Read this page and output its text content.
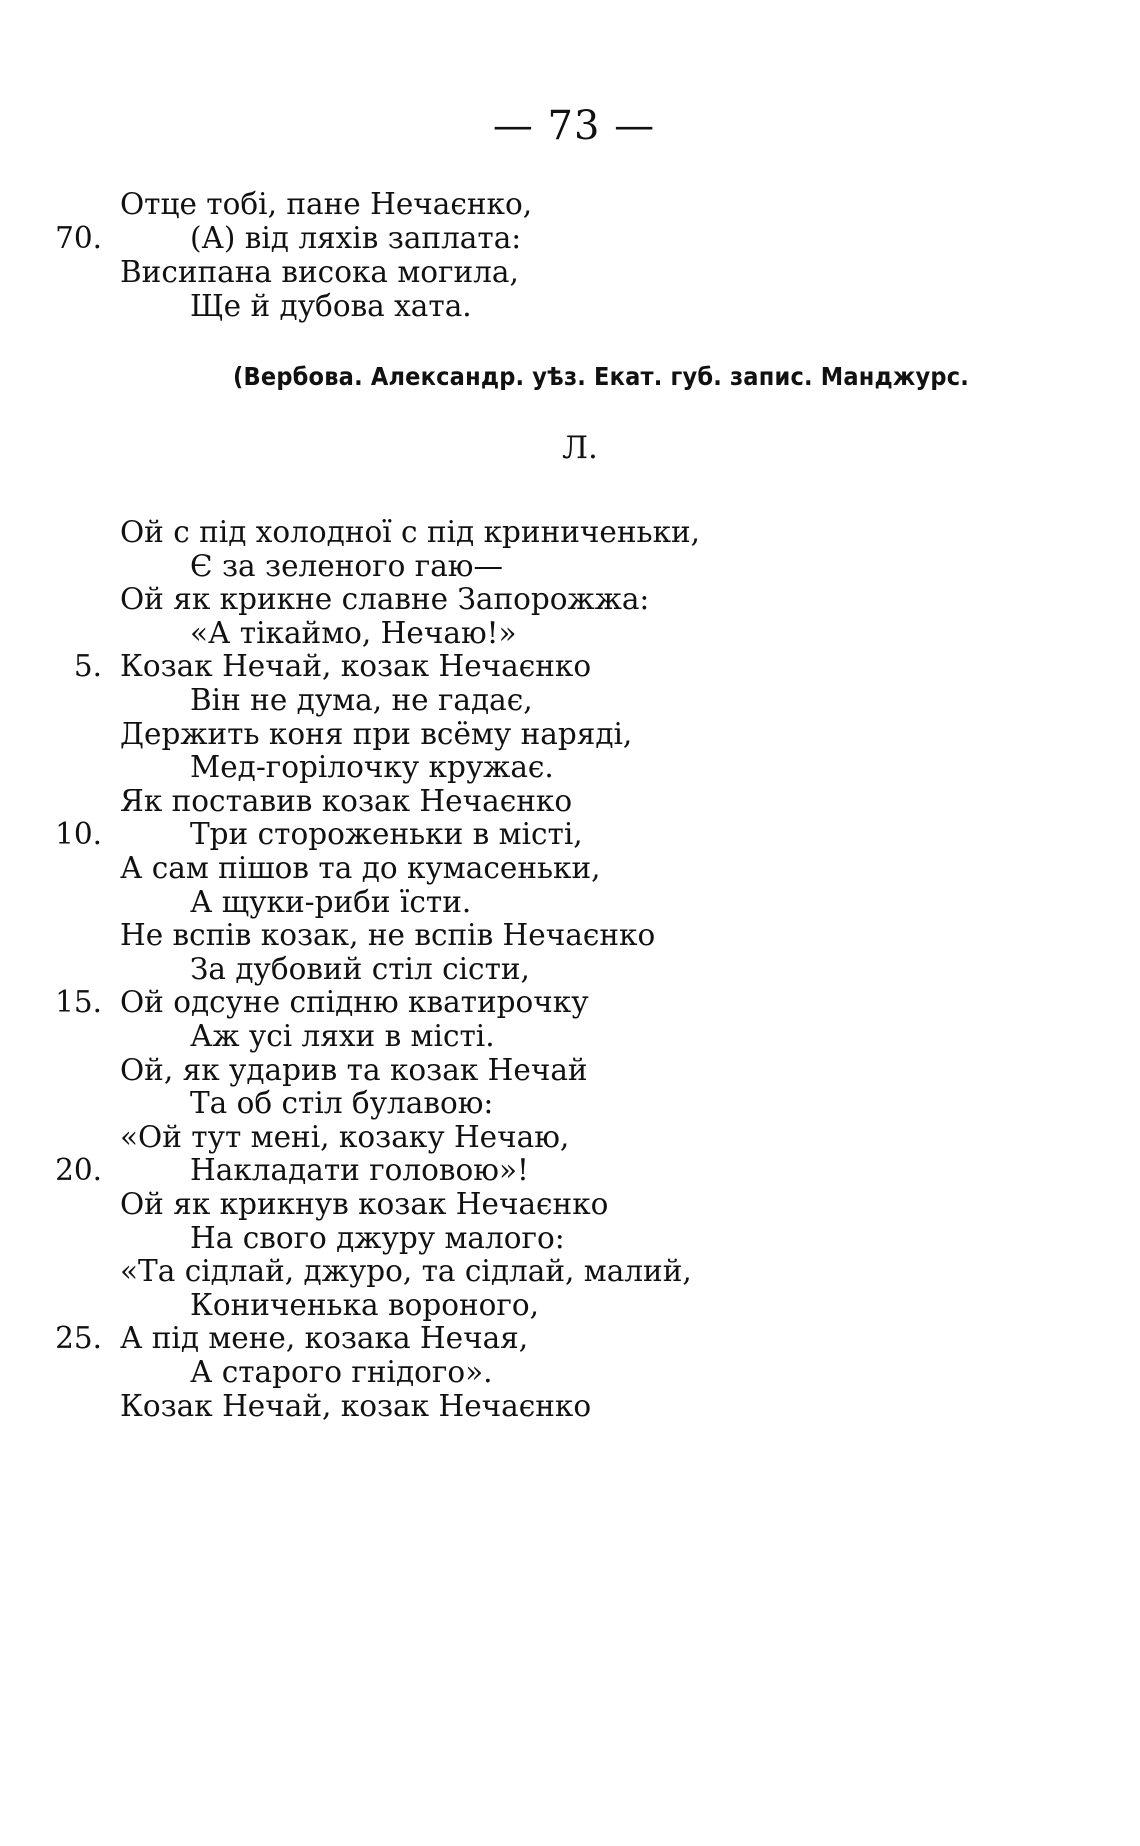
— 73 —
Отце тобі, пане Нечаєнко,
(А) від ляхів заплата:
70.
Висипана висока могила,
Ще й дубова хата.
(Вербова. Александр. уѣз. Екат. губ. запис. Манджурс.
Л.
Ой с під холодної с під криниченьки,
Є за зеленого гаю—
Ой як крикне славне Запорожжа:
«А тікаймо, Нечаю!»
Козак Нечай, козак Нечаєнко
5.
Він не дума, не гадає,
Держить коня при всёму наряді,
Мед-горілочку кружає.
Як поставив козак Нечаєнко
Три стороженьки в місті,
10.
А сам пішов та до кумасеньки,
А щуки-риби їсти.
Не вспів козак, не вспів Нечаєнко
За дубовий стіл сісти,
Ой одсуне спідню кватирочку
15.
Аж усі ляхи в місті.
Ой, як ударив та козак Нечай
Та об стіл булавою:
«Ой тут мені, козаку Нечаю,
Накладати головою»!
20.
Ой як крикнув козак Нечаєнко
На свого джуру малого:
«Та сідлай, джуро, та сідлай, малий,
Кониченька вороного,
А під мене, козака Нечая,
25.
А старого гнідого».
Козак Нечай, козак Нечаєнко
